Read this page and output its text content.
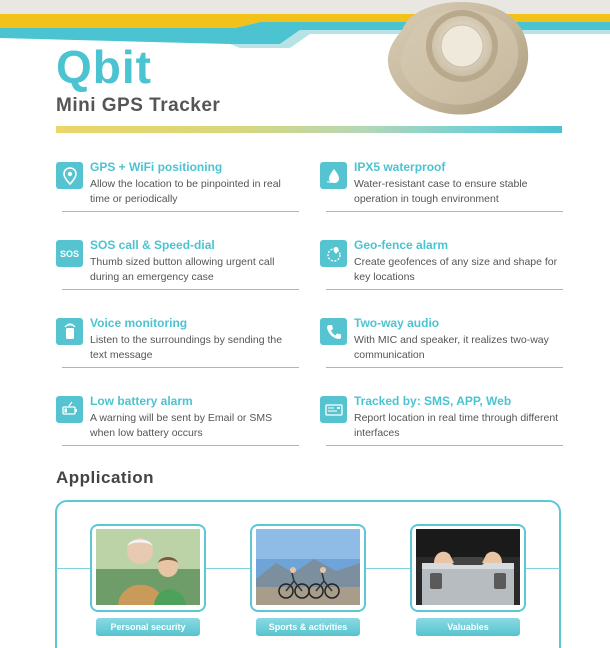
Qbit
Mini GPS Tracker
GPS + WiFi positioning
Allow the location to be pinpointed in real time or periodically
IPX5 waterproof
Water-resistant case to ensure stable operation in tough environment
SOS
SOS call & Speed-dial
Thumb sized button allowing urgent call during an emergency case
Geo-fence alarm
Create geofences of any size and shape for key locations
Voice monitoring
Listen to the surroundings by sending the text message
Two-way audio
With MIC and speaker, it realizes two-way communication
Low battery alarm
A warning will be sent by Email or SMS when low battery occurs
Tracked by: SMS, APP, Web
Report location in real time through different interfaces
Application
Personal security	Sports & activities	Valuables
